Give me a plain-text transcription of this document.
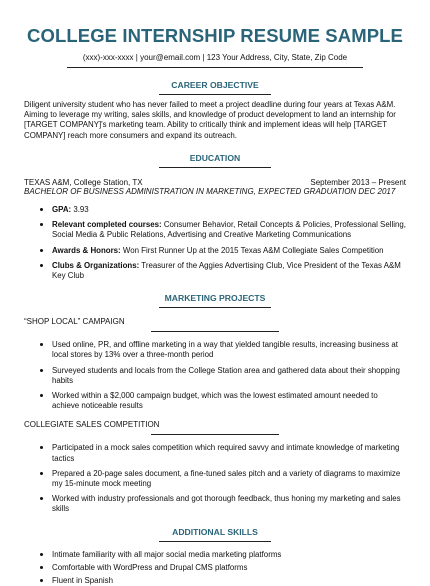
COLLEGE INTERNSHIP RESUME SAMPLE
(xxx)-xxx-xxxx | your@email.com | 123 Your Address, City, State, Zip Code
CAREER OBJECTIVE
Diligent university student who has never failed to meet a project deadline during four years at Texas A&M. Aiming to leverage my writing, sales skills, and knowledge of product development to land an internship for [TARGET COMPANY]'s marketing team. Ability to critically think and implement ideas will help [TARGET COMPANY] reach more consumers and expand its outreach.
EDUCATION
TEXAS A&M, College Station, TX	September 2013 – Present
BACHELOR OF BUSINESS ADMINISTRATION IN MARKETING, EXPECTED GRADUATION DEC 2017
• GPA: 3.93
• Relevant completed courses: Consumer Behavior, Retail Concepts & Policies, Professional Selling, Social Media & Public Relations, Advertising and Creative Marketing Communications
• Awards & Honors: Won First Runner Up at the 2015 Texas A&M Collegiate Sales Competition
• Clubs & Organizations: Treasurer of the Aggies Advertising Club, Vice President of the Texas A&M Key Club
MARKETING PROJECTS
“SHOP LOCAL” CAMPAIGN
• Used online, PR, and offline marketing in a way that yielded tangible results, increasing business at local stores by 13% over a three-month period
• Surveyed students and locals from the College Station area and gathered data about their shopping habits
• Worked within a $2,000 campaign budget, which was the lowest estimated amount needed to achieve noticeable results
COLLEGIATE SALES COMPETITION
• Participated in a mock sales competition which required savvy and intimate knowledge of marketing tactics
• Prepared a 20-page sales document, a fine-tuned sales pitch and a variety of diagrams to maximize my 15-minute mock meeting
• Worked with industry professionals and got thorough feedback, thus honing my marketing and sales skills
ADDITIONAL SKILLS
• Intimate familiarity with all major social media marketing platforms
• Comfortable with WordPress and Drupal CMS platforms
• Fluent in Spanish
